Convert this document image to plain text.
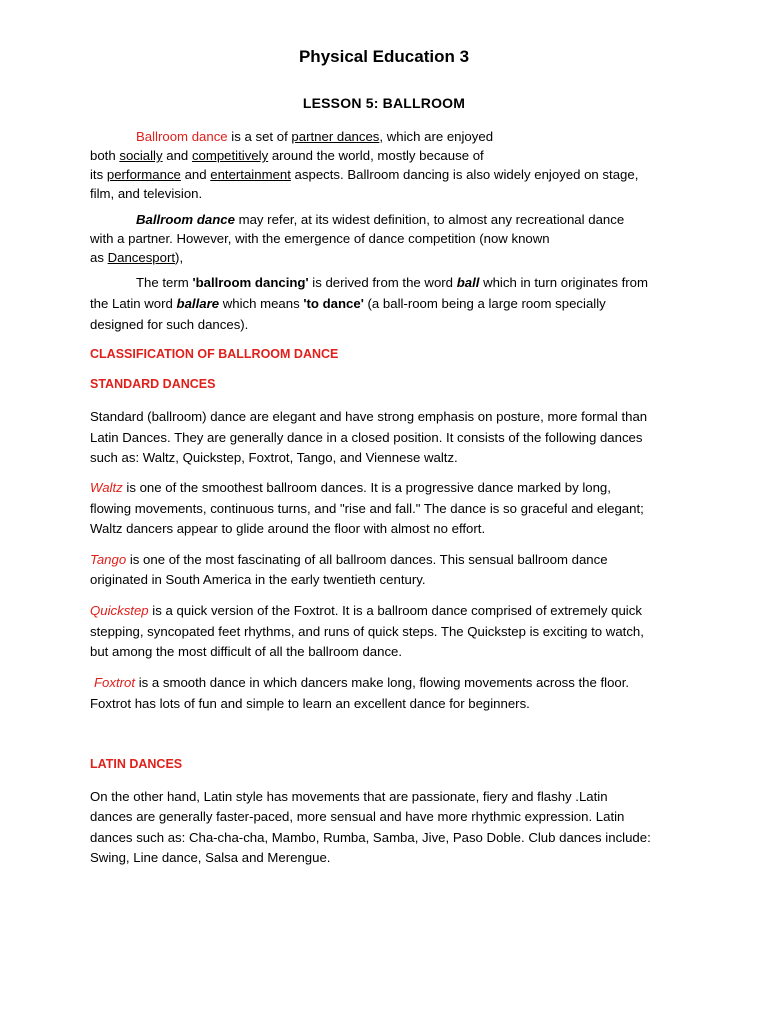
Physical Education 3
LESSON 5: BALLROOM
Ballroom dance is a set of partner dances, which are enjoyed
both socially and competitively around the world, mostly because of
its performance and entertainment aspects. Ballroom dancing is also widely enjoyed on stage,
film, and television.
Ballroom dance may refer, at its widest definition, to almost any recreational dance
with a partner. However, with the emergence of dance competition (now known
as Dancesport),
The term 'ballroom dancing' is derived from the word ball which in turn originates from
the Latin word ballare which means 'to dance' (a ball-room being a large room specially
designed for such dances).
CLASSIFICATION OF BALLROOM DANCE
STANDARD DANCES
Standard (ballroom) dance are elegant and have strong emphasis on posture, more formal than
Latin Dances. They are generally dance in a closed position. It consists of the following dances
such as: Waltz, Quickstep, Foxtrot, Tango, and Viennese waltz.
Waltz is one of the smoothest ballroom dances. It is a progressive dance marked by long,
flowing movements, continuous turns, and "rise and fall." The dance is so graceful and elegant;
Waltz dancers appear to glide around the floor with almost no effort.
Tango is one of the most fascinating of all ballroom dances. This sensual ballroom dance
originated in South America in the early twentieth century.
Quickstep is a quick version of the Foxtrot. It is a ballroom dance comprised of extremely quick
stepping, syncopated feet rhythms, and runs of quick steps. The Quickstep is exciting to watch,
but among the most difficult of all the ballroom dance.
Foxtrot is a smooth dance in which dancers make long, flowing movements across the floor.
Foxtrot has lots of fun and simple to learn an excellent dance for beginners.
LATIN DANCES
On the other hand, Latin style has movements that are passionate, fiery and flashy .Latin
dances are generally faster-paced, more sensual and have more rhythmic expression. Latin
dances such as: Cha-cha-cha, Mambo, Rumba, Samba, Jive, Paso Doble. Club dances include:
Swing, Line dance, Salsa and Merengue.
